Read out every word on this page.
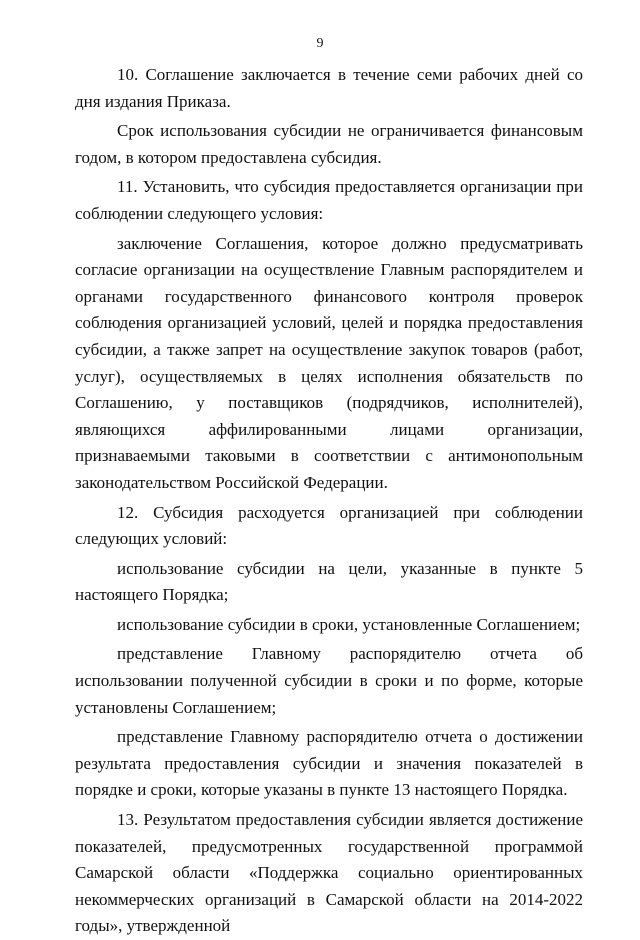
9

10. Соглашение заключается в течение семи рабочих дней со дня издания Приказа.

Срок использования субсидии не ограничивается финансовым годом, в котором предоставлена субсидия.

11. Установить, что субсидия предоставляется организации при соблюдении следующего условия:

заключение Соглашения, которое должно предусматривать согласие организации на осуществление Главным распорядителем и органами государственного финансового контроля проверок соблюдения организацией условий, целей и порядка предоставления субсидии, а также запрет на осуществление закупок товаров (работ, услуг), осуществляемых в целях исполнения обязательств по Соглашению, у поставщиков (подрядчиков, исполнителей), являющихся аффилированными лицами организации, признаваемыми таковыми в соответствии с антимонопольным законодательством Российской Федерации.

12. Субсидия расходуется организацией при соблюдении следующих условий:

использование субсидии на цели, указанные в пункте 5 настоящего Порядка;

использование субсидии в сроки, установленные Соглашением;

представление Главному распорядителю отчета об использовании полученной субсидии в сроки и по форме, которые установлены Соглашением;

представление Главному распорядителю отчета о достижении результата предоставления субсидии и значения показателей в порядке и сроки, которые указаны в пункте 13 настоящего Порядка.

13. Результатом предоставления субсидии является достижение показателей, предусмотренных государственной программой Самарской области «Поддержка социально ориентированных некоммерческих организаций в Самарской области на 2014-2022 годы», утвержденной
